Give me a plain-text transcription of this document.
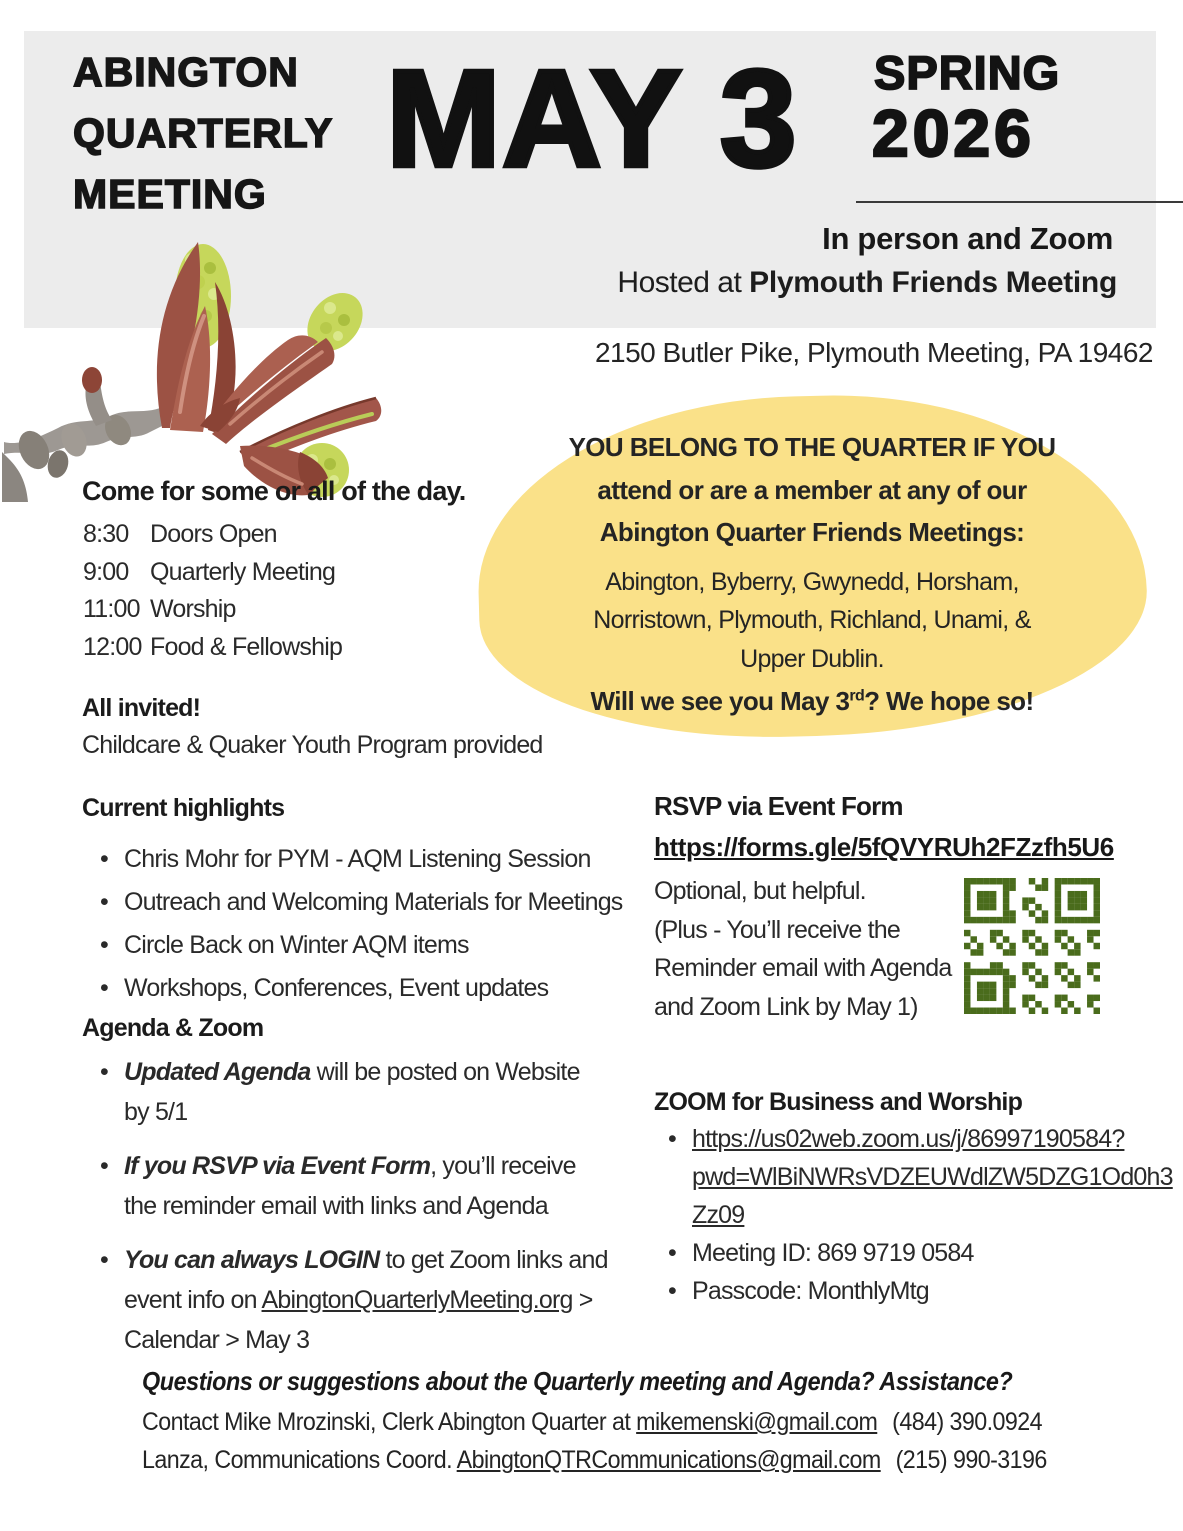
ABINGTON
QUARTERLY
MEETING MAY 3 SPRING
2026
In person and Zoom
Hosted at Plymouth Friends Meeting
2150 Butler Pike, Plymouth Meeting, PA 19462
YOU BELONG TO THE QUARTER IF YOU
attend or are a member at any of our
Abington Quarter Friends Meetings:
Abington, Byberry, Gwynedd, Horsham,
Norristown, Plymouth, Richland, Unami, &
Upper Dublin.
Will we see you May 3rd? We hope so!
Come for some or all of the day.
8:30 Doors Open
9:00 Quarterly Meeting
11:00 Worship
12:00 Food & Fellowship
All invited!
Childcare & Quaker Youth Program provided
Current highlights
• Chris Mohr for PYM - AQM Listening Session
• Outreach and Welcoming Materials for Meetings
• Circle Back on Winter AQM items
• Workshops, Conferences, Event updates
Agenda & Zoom
• Updated Agenda will be posted on Website by 5/1
• If you RSVP via Event Form, you’ll receive the reminder email with links and Agenda
• You can always LOGIN to get Zoom links and event info on AbingtonQuarterlyMeeting.org > Calendar > May 3
RSVP via Event Form
https://forms.gle/5fQVYRUh2FZzfh5U6
Optional, but helpful.
(Plus - You’ll receive the
Reminder email with Agenda
and Zoom Link by May 1)
ZOOM for Business and Worship
• https://us02web.zoom.us/j/86997190584?
pwd=WlBiNWRsVDZEUWdlZW5DZG1Od0h3
Zz09
• Meeting ID: 869 9719 0584
• Passcode: MonthlyMtg
Questions or suggestions about the Quarterly meeting and Agenda? Assistance?
Contact Mike Mrozinski, Clerk Abington Quarter at mikemenski@gmail.com (484) 390.0924
Lanza, Communications Coord. AbingtonQTRCommunications@gmail.com (215) 990-3196
